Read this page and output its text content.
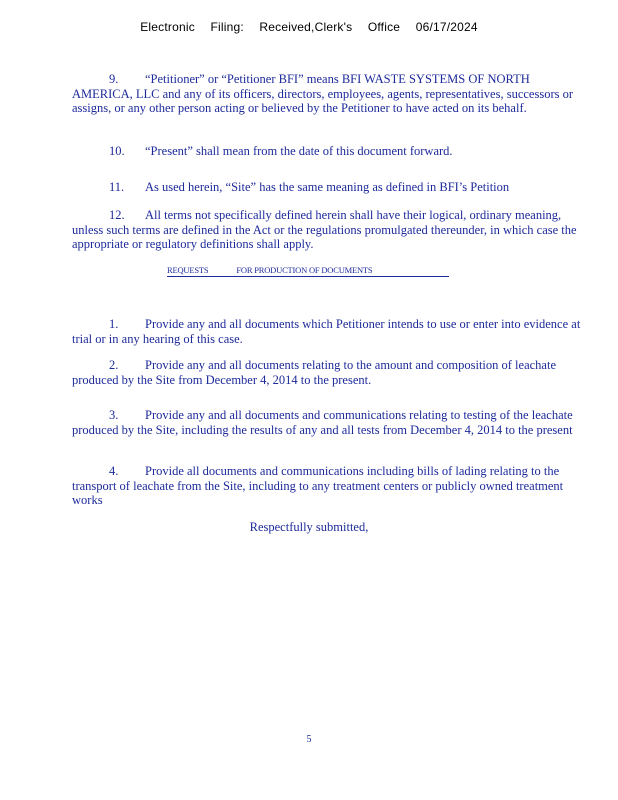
Electronic Filing: Received,Clerk's Office 06/17/2024
9. “Petitioner” or “Petitioner BFI” means BFI WASTE SYSTEMS OF NORTH AMERICA, LLC and any of its officers, directors, employees, agents, representatives, successors or assigns, or any other person acting or believed by the Petitioner to have acted on its behalf.
10. “Present” shall mean from the date of this document forward.
11. As used herein, “Site” has the same meaning as defined in BFI’s Petition
12. All terms not specifically defined herein shall have their logical, ordinary meaning, unless such terms are defined in the Act or the regulations promulgated thereunder, in which case the appropriate or regulatory definitions shall apply.
1. Provide any and all documents which Petitioner intends to use or enter into evidence at trial or in any hearing of this case.
2. Provide any and all documents relating to the amount and composition of leachate produced by the Site from December 4, 2014 to the present.
3. Provide any and all documents and communications relating to testing of the leachate produced by the Site, including the results of any and all tests from December 4, 2014 to the present
4. Provide all documents and communications including bills of lading relating to the transport of leachate from the Site, including to any treatment centers or publicly owned treatment works
REQUESTS	FOR PRODUCTION OF DOCUMENTS
Respectfully submitted,
5
